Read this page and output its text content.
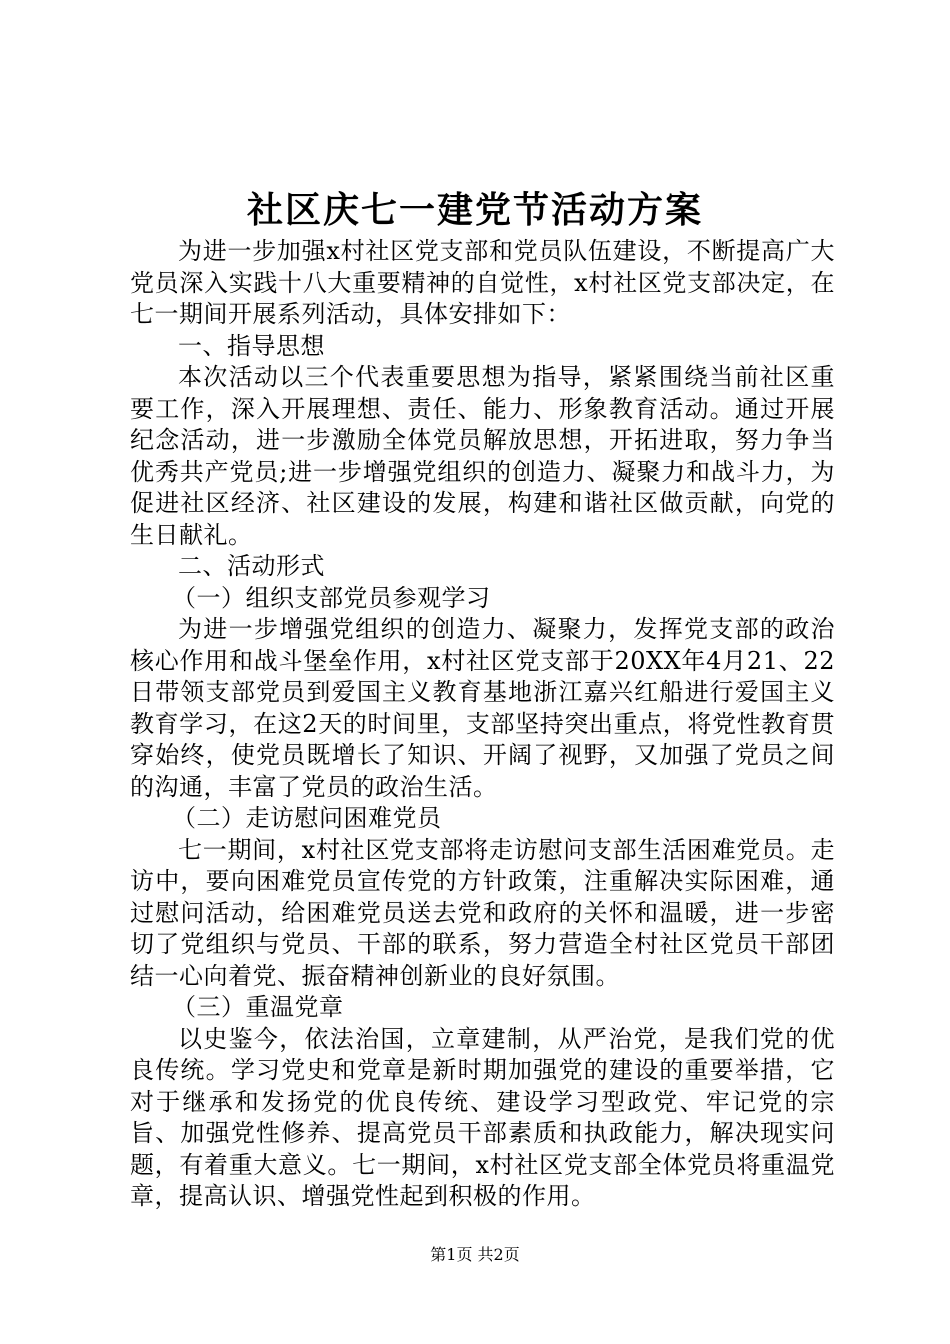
社区庆七一建党节活动方案

为进一步加强x村社区党支部和党员队伍建设，不断提高广大党员深入实践十八大重要精神的自觉性，x村社区党支部决定，在七一期间开展系列活动，具体安排如下：

一、指导思想

本次活动以三个代表重要思想为指导，紧紧围绕当前社区重要工作，深入开展理想、责任、能力、形象教育活动。通过开展纪念活动，进一步激励全体党员解放思想，开拓进取，努力争当优秀共产党员;进一步增强党组织的创造力、凝聚力和战斗力，为促进社区经济、社区建设的发展，构建和谐社区做贡献，向党的生日献礼。

二、活动形式

（一）组织支部党员参观学习

为进一步增强党组织的创造力、凝聚力，发挥党支部的政治核心作用和战斗堡垒作用，x村社区党支部于20XX年4月21、22日带领支部党员到爱国主义教育基地浙江嘉兴红船进行爱国主义教育学习，在这2天的时间里，支部坚持突出重点，将党性教育贯穿始终，使党员既增长了知识、开阔了视野，又加强了党员之间的沟通，丰富了党员的政治生活。

（二）走访慰问困难党员

七一期间，x村社区党支部将走访慰问支部生活困难党员。走访中，要向困难党员宣传党的方针政策，注重解决实际困难，通过慰问活动，给困难党员送去党和政府的关怀和温暖，进一步密切了党组织与党员、干部的联系，努力营造全村社区党员干部团结一心向着党、振奋精神创新业的良好氛围。

（三）重温党章

以史鉴今，依法治国，立章建制，从严治党，是我们党的优良传统。学习党史和党章是新时期加强党的建设的重要举措，它对于继承和发扬党的优良传统、建设学习型政党、牢记党的宗旨、加强党性修养、提高党员干部素质和执政能力，解决现实问题，有着重大意义。七一期间，x村社区党支部全体党员将重温党章，提高认识、增强党性起到积极的作用。

第1页 共2页
